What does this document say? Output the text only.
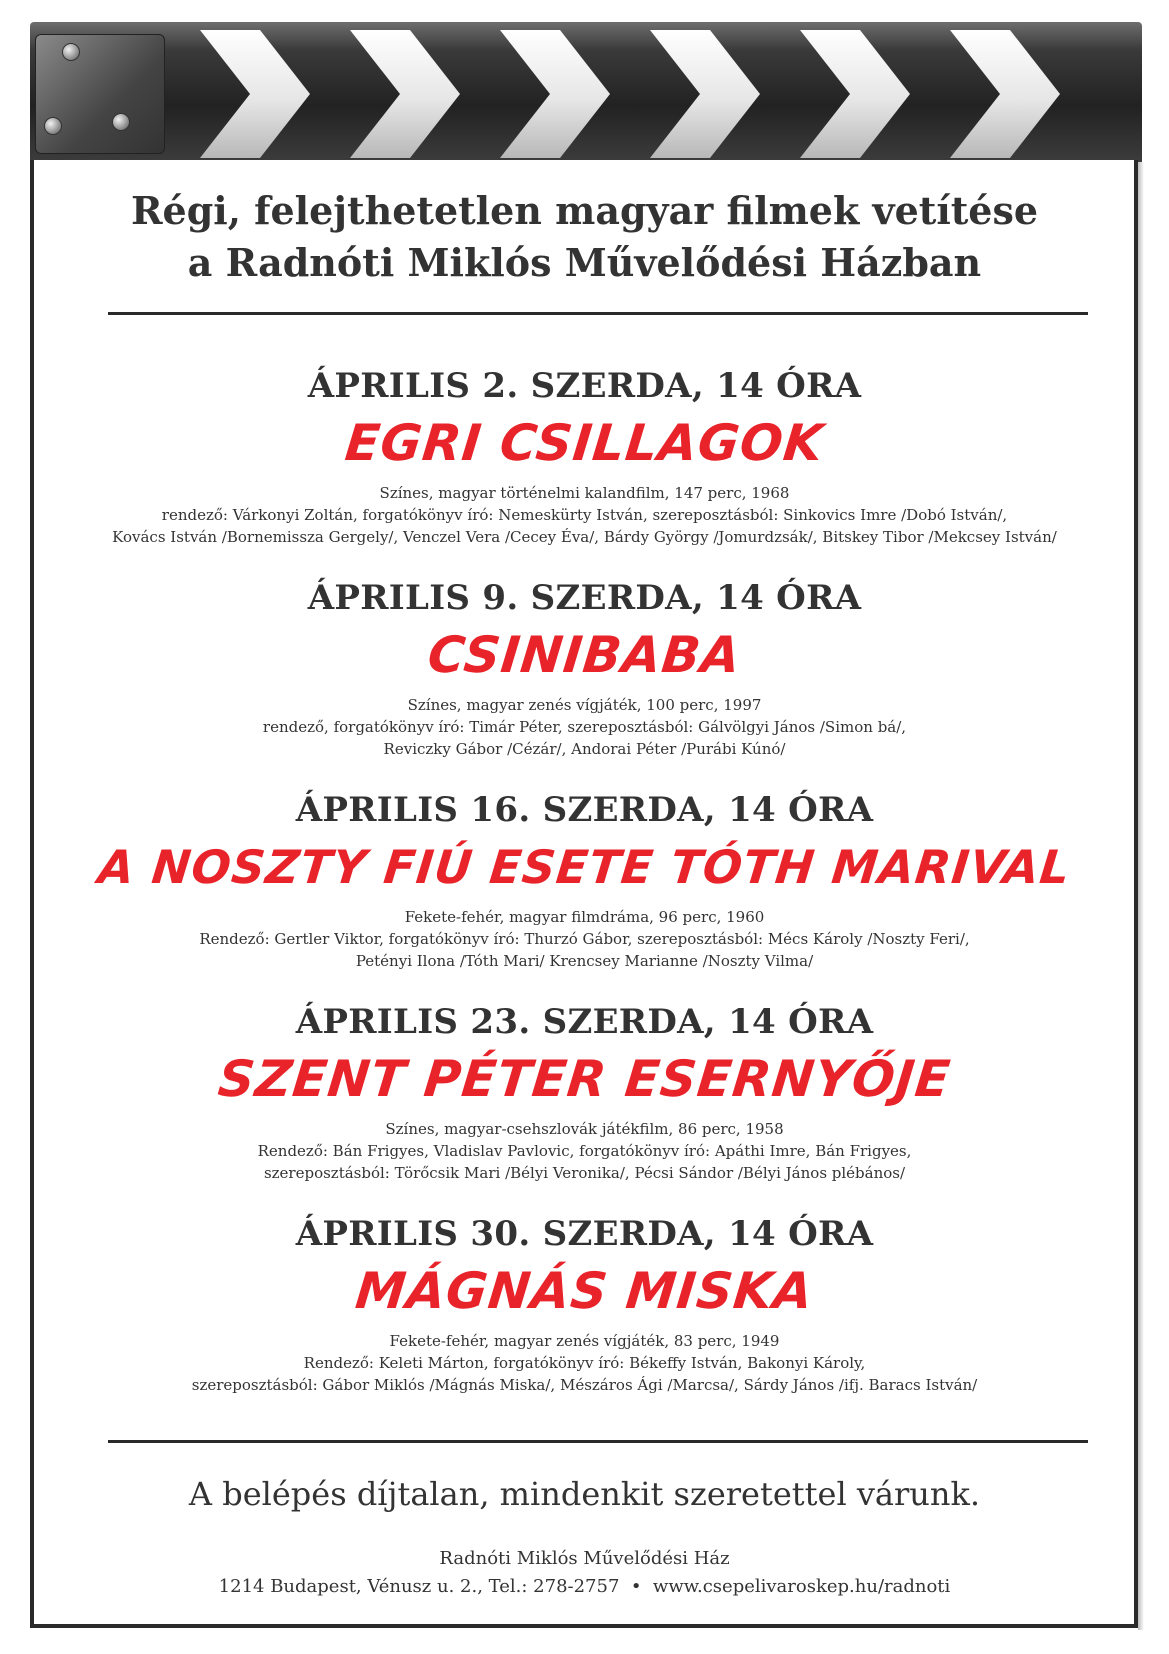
Régi, felejthetetlen magyar filmek vetítése
a Radnóti Miklós Művelődési Házban
ÁPRILIS 2. SZERDA, 14 ÓRA
EGRI CSILLAGOK
Színes, magyar történelmi kalandfilm, 147 perc, 1968
rendező: Várkonyi Zoltán, forgatókönyv író: Nemeskürty István, szereposztásból: Sinkovics Imre /Dobó István/,
Kovács István /Bornemissza Gergely/, Venczel Vera /Cecey Éva/, Bárdy György /Jomurdzsák/, Bitskey Tibor /Mekcsey István/
ÁPRILIS 9. SZERDA, 14 ÓRA
CSINIBABA
Színes, magyar zenés vígjáték, 100 perc, 1997
rendező, forgatókönyv író: Timár Péter, szereposztásból: Gálvölgyi János /Simon bá/,
Reviczky Gábor /Cézár/, Andorai Péter /Purábi Kúnó/
ÁPRILIS 16. SZERDA, 14 ÓRA
A NOSZTY FIÚ ESETE TÓTH MARIVAL
Fekete-fehér, magyar filmdráma, 96 perc, 1960
Rendező: Gertler Viktor, forgatókönyv író: Thurzó Gábor, szereposztásból: Mécs Károly /Noszty Feri/,
Petényi Ilona /Tóth Mari/ Krencsey Marianne /Noszty Vilma/
ÁPRILIS 23. SZERDA, 14 ÓRA
SZENT PÉTER ESERNYŐJE
Színes, magyar-csehszlovák játékfilm, 86 perc, 1958
Rendező: Bán Frigyes, Vladislav Pavlovic, forgatókönyv író: Apáthi Imre, Bán Frigyes,
szereposztásból: Törőcsik Mari /Bélyi Veronika/, Pécsi Sándor /Bélyi János plébános/
ÁPRILIS 30. SZERDA, 14 ÓRA
MÁGNÁS MISKA
Fekete-fehér, magyar zenés vígjáték, 83 perc, 1949
Rendező: Keleti Márton, forgatókönyv író: Békeffy István, Bakonyi Károly,
szereposztásból: Gábor Miklós /Mágnás Miska/, Mészáros Ági /Marcsa/, Sárdy János /ifj. Baracs István/
A belépés díjtalan, mindenkit szeretettel várunk.
Radnóti Miklós Művelődési Ház
1214 Budapest, Vénusz u. 2., Tel.: 278-2757  •  www.csepelivaroskep.hu/radnoti
